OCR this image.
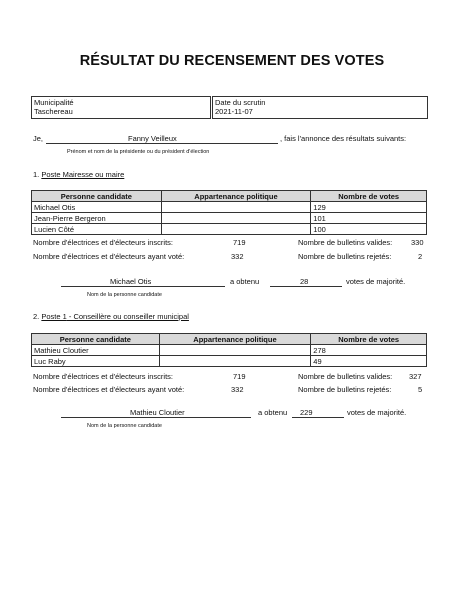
RÉSULTAT DU RECENSEMENT DES VOTES
Municipalité
Taschereau
Date du scrutin
2021-11-07
Je,	Fanny Veilleux	, fais l'annonce des résultats suivants:
Prénom et nom de la présidente ou du président d'élection
1. Poste Mairesse ou maire
Personne candidate	Appartenance politique	Nombre de votes
Michael Otis		129
Jean-Pierre Bergeron		101
Lucien Côté		100
Nombre d'électrices et d'électeurs inscrits:	719
Nombre d'électrices et d'électeurs ayant voté:	332
Nombre de bulletins valides:	330
Nombre de bulletins rejetés:	2
Michael Otis	a obtenu	28	votes de majorité.
Nom de la personne candidate
2. Poste 1 - Conseillère ou conseiller municipal
Personne candidate	Appartenance politique	Nombre de votes
Mathieu Cloutier		278
Luc Raby		49
Nombre d'électrices et d'électeurs inscrits:	719
Nombre d'électrices et d'électeurs ayant voté:	332
Nombre de bulletins valides: 327
Nombre de bulletins rejetés:	5
Mathieu Cloutier	a obtenu 229	votes de majorité.
Nom de la personne candidate
